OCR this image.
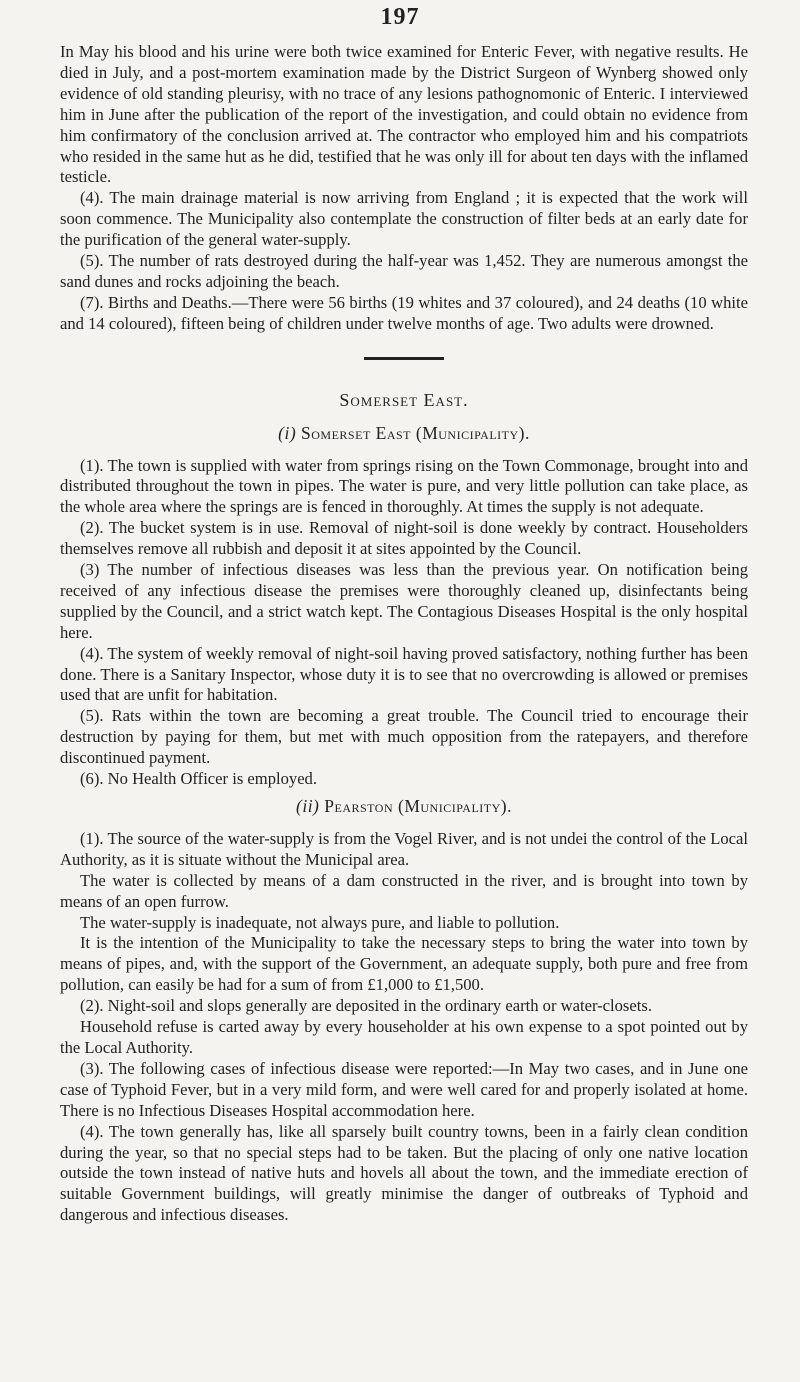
197

In May his blood and his urine were both twice examined for Enteric Fever, with negative results. He died in July, and a post-mortem examination made by the District Surgeon of Wynberg showed only evidence of old standing pleurisy, with no trace of any lesions pathognomonic of Enteric. I interviewed him in June after the publication of the report of the investigation, and could obtain no evidence from him confirmatory of the conclusion arrived at. The contractor who employed him and his compatriots who resided in the same hut as he did, testified that he was only ill for about ten days with the inflamed testicle.

(4). The main drainage material is now arriving from England ; it is expected that the work will soon commence. The Municipality also contemplate the construction of filter beds at an early date for the purification of the general water-supply.

(5). The number of rats destroyed during the half-year was 1,452. They are numerous amongst the sand dunes and rocks adjoining the beach.

(7). Births and Deaths.—There were 56 births (19 whites and 37 coloured), and 24 deaths (10 white and 14 coloured), fifteen being of children under twelve months of age. Two adults were drowned.

Somerset East.
(i) Somerset East (Municipality).

(1). The town is supplied with water from springs rising on the Town Commonage, brought into and distributed throughout the town in pipes. The water is pure, and very little pollution can take place, as the whole area where the springs are is fenced in thoroughly. At times the supply is not adequate.

(2). The bucket system is in use. Removal of night-soil is done weekly by contract. Householders themselves remove all rubbish and deposit it at sites appointed by the Council.

(3) The number of infectious diseases was less than the previous year. On notification being received of any infectious disease the premises were thoroughly cleaned up, disinfectants being supplied by the Council, and a strict watch kept. The Contagious Diseases Hospital is the only hospital here.

(4). The system of weekly removal of night-soil having proved satisfactory, nothing further has been done. There is a Sanitary Inspector, whose duty it is to see that no overcrowding is allowed or premises used that are unfit for habitation.

(5). Rats within the town are becoming a great trouble. The Council tried to encourage their destruction by paying for them, but met with much opposition from the ratepayers, and therefore discontinued payment.

(6). No Health Officer is employed.

(ii) Pearston (Municipality).

(1). The source of the water-supply is from the Vogel River, and is not undei the control of the Local Authority, as it is situate without the Municipal area.

The water is collected by means of a dam constructed in the river, and is brought into town by means of an open furrow.

The water-supply is inadequate, not always pure, and liable to pollution.

It is the intention of the Municipality to take the necessary steps to bring the water into town by means of pipes, and, with the support of the Government, an adequate supply, both pure and free from pollution, can easily be had for a sum of from £1,000 to £1,500.

(2). Night-soil and slops generally are deposited in the ordinary earth or water-closets.

Household refuse is carted away by every householder at his own expense to a spot pointed out by the Local Authority.

(3). The following cases of infectious disease were reported:—In May two cases, and in June one case of Typhoid Fever, but in a very mild form, and were well cared for and properly isolated at home. There is no Infectious Diseases Hospital accommodation here.

(4). The town generally has, like all sparsely built country towns, been in a fairly clean condition during the year, so that no special steps had to be taken. But the placing of only one native location outside the town instead of native huts and hovels all about the town, and the immediate erection of suitable Government buildings, will greatly minimise the danger of outbreaks of Typhoid and dangerous and infectious diseases.
